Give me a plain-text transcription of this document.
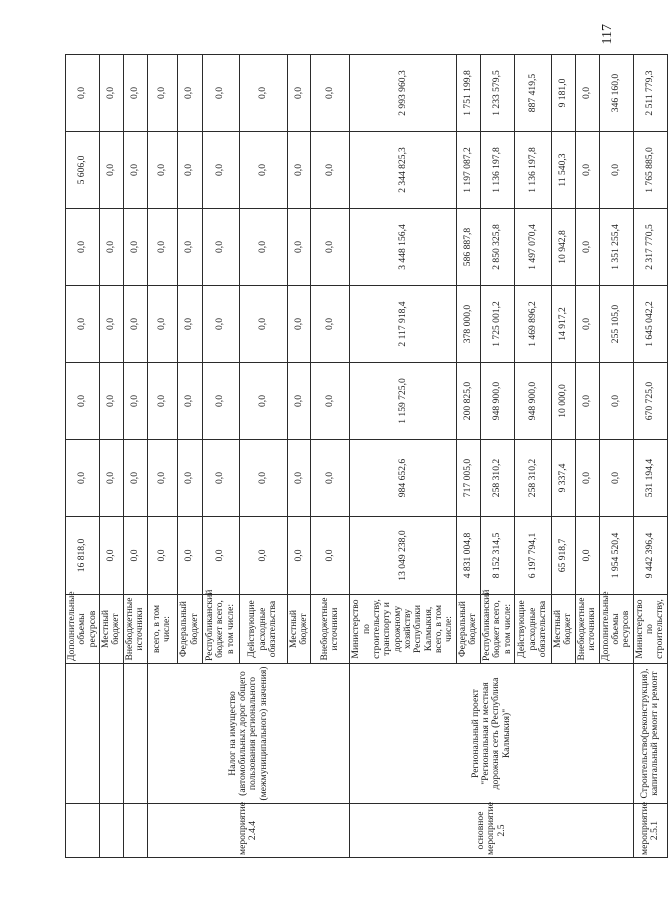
117
		Дополнительные объемы ресурсов	16 818,0	0,0	0,0	0,0	0,0	5 606,0	0,0
		Местный бюджет	0,0	0,0	0,0	0,0	0,0	0,0	0,0
		Внебюджетные источники	0,0	0,0	0,0	0,0	0,0	0,0	0,0
мероприятие 2.4.4	Налог на имущество (автомобильных дорог общего пользования регионального (межмуниципального) значения)	всего, в том числе:	0,0	0,0	0,0	0,0	0,0	0,0	0,0
		Федеральный бюджет	0,0	0,0	0,0	0,0	0,0	0,0	0,0
		Республиканский бюджет всего, в том числе:	0,0	0,0	0,0	0,0	0,0	0,0	0,0
		Действующие расходные обязательства	0,0	0,0	0,0	0,0	0,0	0,0	0,0
		Местный бюджет	0,0	0,0	0,0	0,0	0,0	0,0	0,0
		Внебюджетные источники	0,0	0,0	0,0	0,0	0,0	0,0	0,0
основное мероприятие 2.5	Региональный проект "Региональная и местная дорожная сеть (Республика Калмыкия)"	Министерство по строительству, транспорту и дорожному хозяйству Республики Калмыкия, всего, в том числе:	13 049 238,0	984 652,6	1 159 725,0	2 117 918,4	3 448 156,4	2 344 825,3	2 993 960,3
		Федеральный бюджет	4 831 004,8	717 005,0	200 825,0	378 000,0	586 887,8	1 197 087,2	1 751 199,8
		Республиканский бюджет всего, в том числе:	8 152 314,5	258 310,2	948 900,0	1 725 001,2	2 850 325,8	1 136 197,8	1 233 579,5
		Действующие расходные обязательства	6 197 794,1	258 310,2	948 900,0	1 469 896,2	1 497 070,4	1 136 197,8	887 419,5
		Местный бюджет	65 918,7	9 337,4	10 000,0	14 917,2	10 942,8	11 540,3	9 181,0
		Внебюджетные источники	0,0	0,0	0,0	0,0	0,0	0,0	0,0
		Дополнительные объемы ресурсов	1 954 520,4	0,0	0,0	255 105,0	1 351 255,4	0,0	346 160,0
мероприятие 2.5.1	Строительство(реконструкция), капитальный ремонт и ремонт	Министерство по строительству,	9 442 396,4	531 194,4	670 725,0	1 645 042,2	2 317 770,5	1 765 885,0	2 511 779,3
